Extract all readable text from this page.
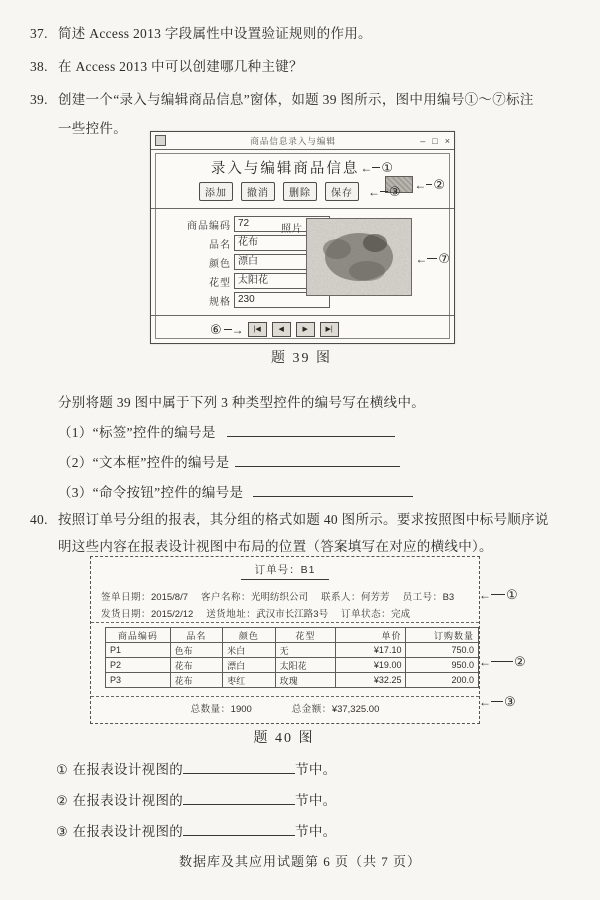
37. 简述 Access 2013 字段属性中设置验证规则的作用。
38. 在 Access 2013 中可以创建哪几种主键？
39. 创建一个“录入与编辑商品信息”窗体，如题 39 图所示，图中用编号①～⑦标注
一些控件。
商品信息录入与编辑	– □ ×
录入与编辑商品信息 ← ①
← ②
添加	撤消	删除	保存	← ③
商品编码 72
品名 花布
颜色 漂白
花型 太阳花
规格 230
照片
← ⑦
⑥ →	|◀	◀	▶	▶|
题 39 图
分别将题 39 图中属于下列 3 种类型控件的编号写在横线中。
（1）“标签”控件的编号是
（2）“文本框”控件的编号是
（3）“命令按钮”控件的编号是
40. 按照订单号分组的报表，其分组的格式如题 40 图所示。要求按照图中标号顺序说
明这些内容在报表设计视图中布局的位置（答案填写在对应的横线中）。
订单号：B1
签单日期：2015/8/7 客户名称：光明纺织公司 联系人：何芳芳 员工号：B3
发货日期：2015/2/12 送货地址：武汉市长江路3号 订单状态：完成
商品编码	品名	颜色	花型	单价	订购数量
P1	色布	米白	无	¥17.10	750.0
P2	花布	漂白	太阳花	¥19.00	950.0
P3	花布	枣红	玫瑰	¥32.25	200.0
总数量：1900	总金额：¥37,325.00
← ①
← ②
← ③
题 40 图
① 在报表设计视图的	节中。
② 在报表设计视图的	节中。
③ 在报表设计视图的	节中。
数据库及其应用试题第 6 页（共 7 页）
